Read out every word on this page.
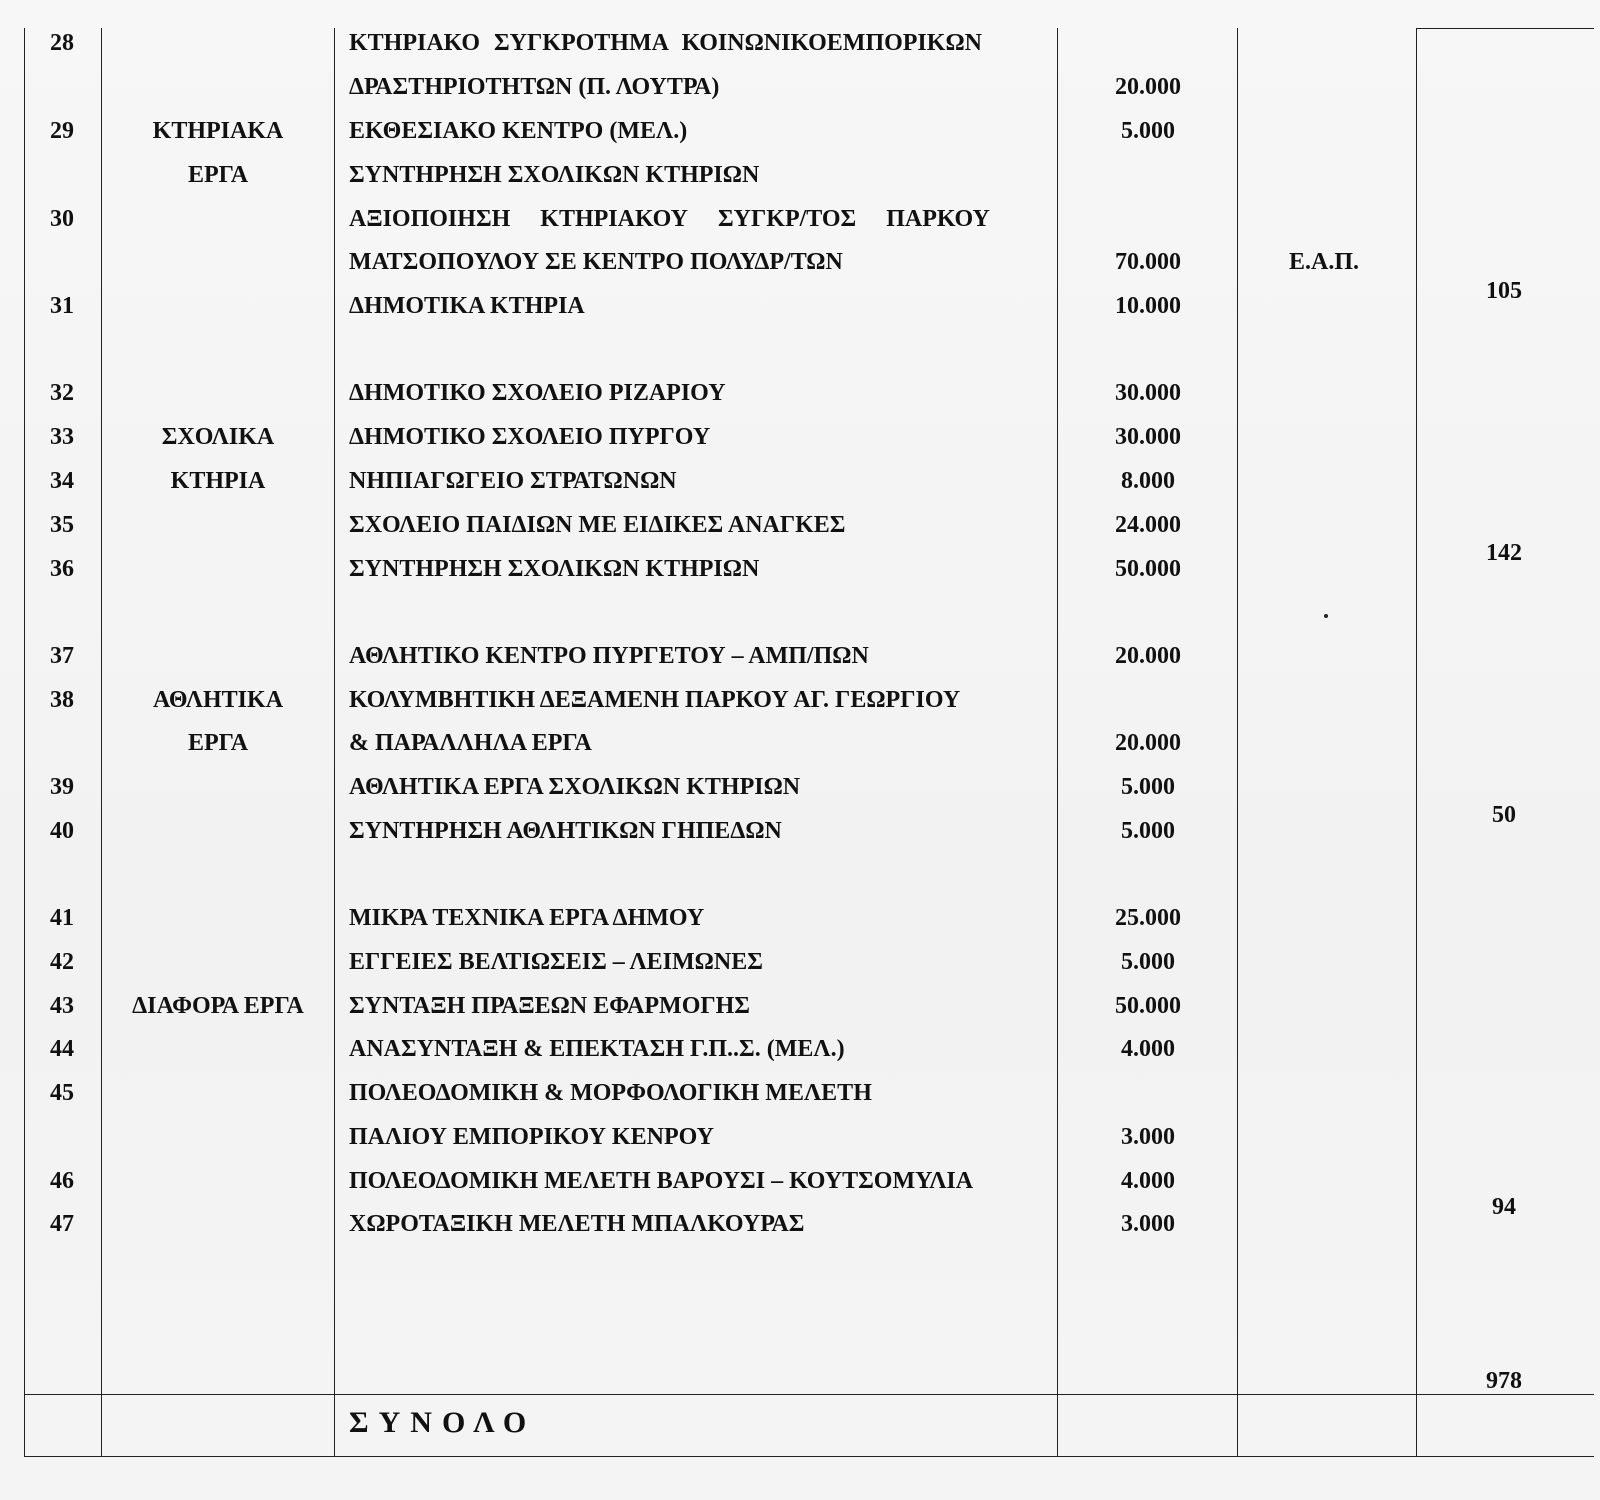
28
29
30
31
32
33
34
35
36
37
38
39
40
41
42
43
44
45
46
47
ΚΤΗΡΙΑΚΑ
ΕΡΓΑ
ΣΧΟΛΙΚΑ
ΚΤΗΡΙΑ
ΑΘΛΗΤΙΚΑ
ΕΡΓΑ
ΔΙΑΦΟΡΑ ΕΡΓΑ
ΚΤΗΡΙΑΚΟ ΣΥΓΚΡΟΤΗΜΑ ΚΟΙΝΩΝΙΚΟΕΜΠΟΡΙΚΩΝ
ΔΡΑΣΤΗΡΙΟΤΗΤΩΝ (Π. ΛΟΥΤΡΑ)
ΕΚΘΕΣΙΑΚΟ ΚΕΝΤΡΟ (ΜΕΛ.)
ΣΥΝΤΗΡΗΣΗ ΣΧΟΛΙΚΩΝ ΚΤΗΡΙΩΝ
ΑΞΙΟΠΟΙΗΣΗ ΚΤΗΡΙΑΚΟΥ ΣΥΓΚΡ/ΤΟΣ ΠΑΡΚΟΥ
ΜΑΤΣΟΠΟΥΛΟΥ ΣΕ ΚΕΝΤΡΟ ΠΟΛΥΔΡ/ΤΩΝ
ΔΗΜΟΤΙΚΑ ΚΤΗΡΙΑ
ΔΗΜΟΤΙΚΟ ΣΧΟΛΕΙΟ ΡΙΖΑΡΙΟΥ
ΔΗΜΟΤΙΚΟ ΣΧΟΛΕΙΟ ΠΥΡΓΟΥ
ΝΗΠΙΑΓΩΓΕΙΟ ΣΤΡΑΤΩΝΩΝ
ΣΧΟΛΕΙΟ ΠΑΙΔΙΩΝ ΜΕ ΕΙΔΙΚΕΣ ΑΝΑΓΚΕΣ
ΣΥΝΤΗΡΗΣΗ ΣΧΟΛΙΚΩΝ ΚΤΗΡΙΩΝ
ΑΘΛΗΤΙΚΟ ΚΕΝΤΡΟ ΠΥΡΓΕΤΟΥ – ΑΜΠ/ΠΩΝ
ΚΟΛΥΜΒΗΤΙΚΗ ΔΕΞΑΜΕΝΗ ΠΑΡΚΟΥ ΑΓ. ΓΕΩΡΓΙΟΥ
& ΠΑΡΑΛΛΗΛΑ ΕΡΓΑ
ΑΘΛΗΤΙΚΑ ΕΡΓΑ ΣΧΟΛΙΚΩΝ ΚΤΗΡΙΩΝ
ΣΥΝΤΗΡΗΣΗ ΑΘΛΗΤΙΚΩΝ ΓΗΠΕΔΩΝ
ΜΙΚΡΑ ΤΕΧΝΙΚΑ ΕΡΓΑ ΔΗΜΟΥ
ΕΓΓΕΙΕΣ ΒΕΛΤΙΩΣΕΙΣ – ΛΕΙΜΩΝΕΣ
ΣΥΝΤΑΞΗ ΠΡΑΞΕΩΝ ΕΦΑΡΜΟΓΗΣ
ΑΝΑΣΥΝΤΑΞΗ & ΕΠΕΚΤΑΣΗ Γ.Π..Σ. (ΜΕΛ.)
ΠΟΛΕΟΔΟΜΙΚΗ & ΜΟΡΦΟΛΟΓΙΚΗ ΜΕΛΕΤΗ
ΠΑΛΙΟΥ ΕΜΠΟΡΙΚΟΥ ΚΕΝΡΟΥ
ΠΟΛΕΟΔΟΜΙΚΗ ΜΕΛΕΤΗ ΒΑΡΟΥΣΙ – ΚΟΥΤΣΟΜΥΛΙΑ
ΧΩΡΟΤΑΞΙΚΗ ΜΕΛΕΤΗ ΜΠΑΛΚΟΥΡΑΣ
20.000
5.000
70.000
10.000
30.000
30.000
8.000
24.000
50.000
20.000
20.000
5.000
5.000
25.000
5.000
50.000
4.000
3.000
4.000
3.000
Ε.Α.Π.
105
142
50
94
ΣΥΝΟΛΟ
978
